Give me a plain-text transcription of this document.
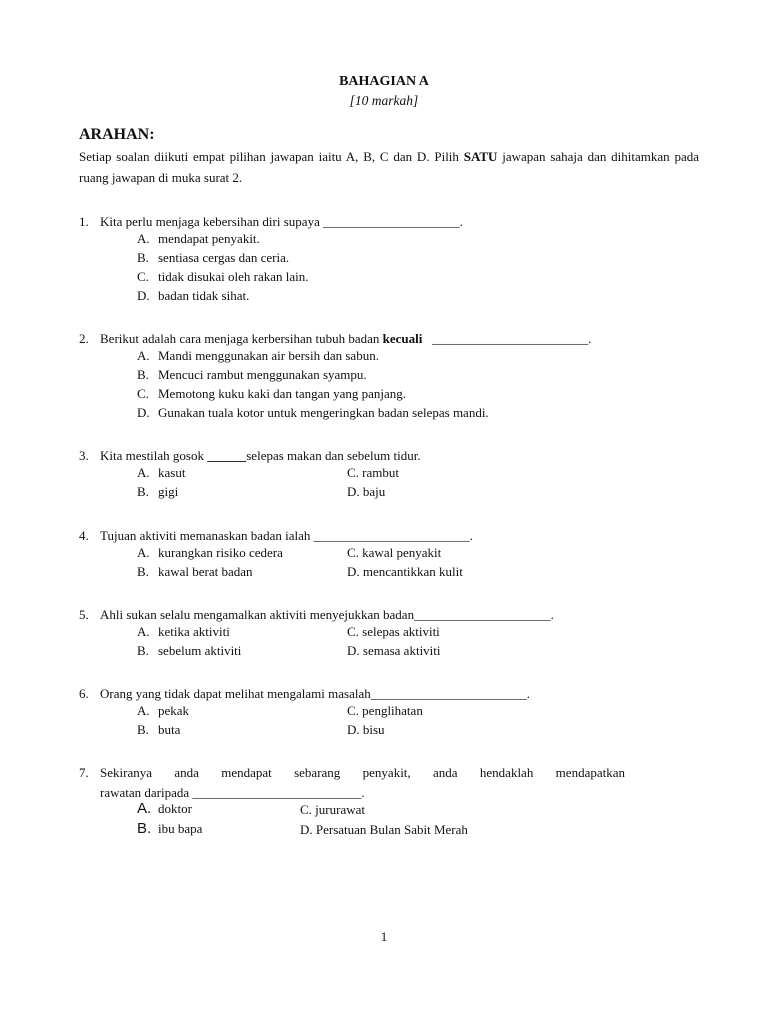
BAHAGIAN A
[10 markah]
ARAHAN:
Setiap soalan diikuti empat pilihan jawapan iaitu A, B, C dan D. Pilih SATU jawapan sahaja dan dihitamkan pada ruang jawapan di muka surat 2.
1. Kita perlu menjaga kebersihan diri supaya _____________________.
A. mendapat penyakit.
B. sentiasa cergas dan ceria.
C. tidak disukai oleh rakan lain.
D. badan tidak sihat.
2. Berikut adalah cara menjaga kerbersihan tubuh badan kecuali   ________________________.
A. Mandi menggunakan air bersih dan sabun.
B. Mencuci rambut menggunakan syampu.
C. Memotong kuku kaki dan tangan yang panjang.
D. Gunakan tuala kotor untuk mengeringkan badan selepas mandi.
3. Kita mestilah gosok ______selepas makan dan sebelum tidur.
A. kasut
B. gigi
C. rambut
D. baju
4. Tujuan aktiviti memanaskan badan ialah ________________________.
A. kurangkan risiko cedera
B. kawal berat badan
C. kawal penyakit
D. mencantikkan kulit
5. Ahli sukan selalu mengamalkan aktiviti menyejukkan badan_____________________.
A. ketika aktiviti
B. sebelum aktiviti
C. selepas aktiviti
D. semasa aktiviti
6. Orang yang tidak dapat melihat mengalami masalah________________________.
A. pekak
B. buta
C. penglihatan
D. bisu
7. Sekiranya anda mendapat sebarang penyakit, anda hendaklah mendapatkan
rawatan daripada __________________________.
A. doktor
B. ibu bapa
C. jururawat
D. Persatuan Bulan Sabit Merah
1
